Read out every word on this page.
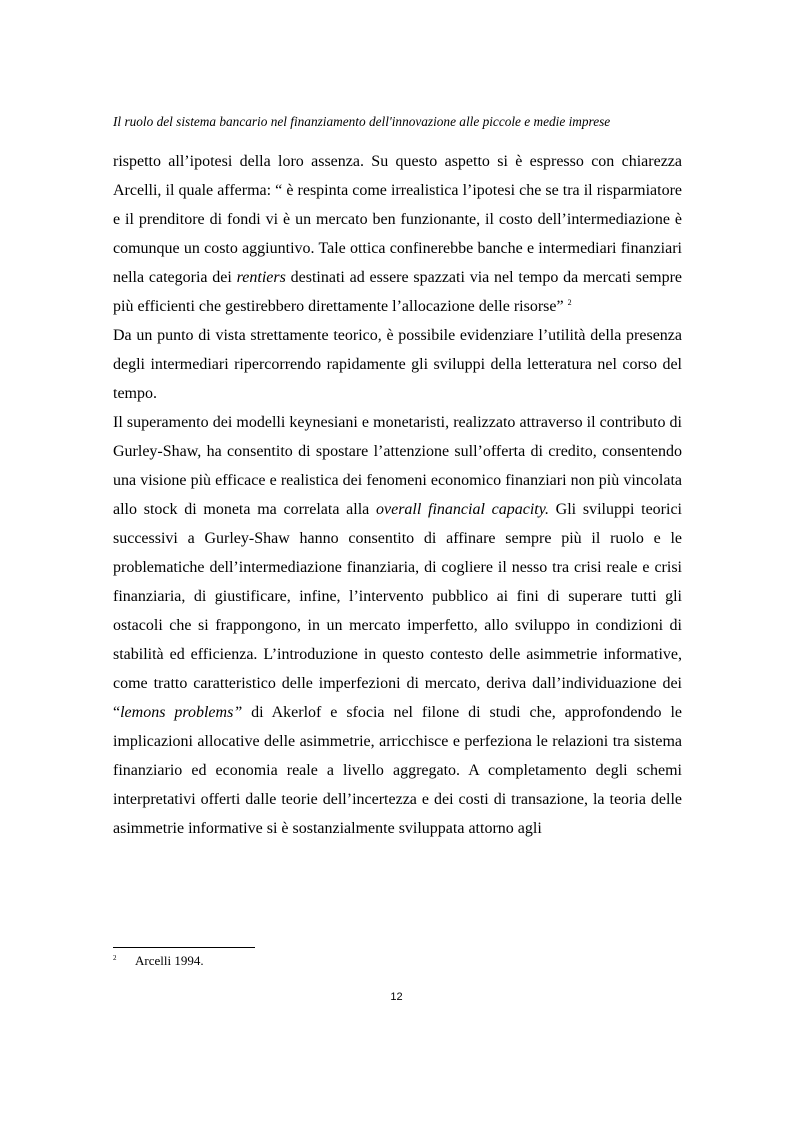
Il ruolo del sistema bancario nel finanziamento dell'innovazione alle piccole e medie imprese

rispetto all’ipotesi della loro assenza. Su questo aspetto si è espresso con chiarezza Arcelli, il quale afferma: “ è respinta come irrealistica l’ipotesi che se tra il risparmiatore e il prenditore di fondi vi è un mercato ben funzionante, il costo dell’intermediazione è comunque un costo aggiuntivo. Tale ottica confinerebbe banche e intermediari finanziari nella categoria dei rentiers destinati ad essere spazzati via nel tempo da mercati sempre più efficienti che gestirebbero direttamente l’allocazione delle risorse” $^2$

Da un punto di vista strettamente teorico, è possibile evidenziare l’utilità della presenza degli intermediari ripercorrendo rapidamente gli sviluppi della letteratura nel corso del tempo.

Il superamento dei modelli keynesiani e monetaristi, realizzato attraverso il contributo di Gurley-Shaw, ha consentito di spostare l’attenzione sull’offerta di credito, consentendo una visione più efficace e realistica dei fenomeni economico finanziari non più vincolata allo stock di moneta ma correlata alla overall financial capacity. Gli sviluppi teorici successivi a Gurley-Shaw hanno consentito di affinare sempre più il ruolo e le problematiche dell’intermediazione finanziaria, di cogliere il nesso tra crisi reale e crisi finanziaria, di giustificare, infine, l’intervento pubblico ai fini di superare tutti gli ostacoli che si frappongono, in un mercato imperfetto, allo sviluppo in condizioni di stabilità ed efficienza. L’introduzione in questo contesto delle asimmetrie informative, come tratto caratteristico delle imperfezioni di mercato, deriva dall’individuazione dei “lemons problems” di Akerlof e sfocia nel filone di studi che, approfondendo le implicazioni allocative delle asimmetrie, arricchisce e perfeziona le relazioni tra sistema finanziario ed economia reale a livello aggregato. A completamento degli schemi interpretativi offerti dalle teorie dell’incertezza e dei costi di transazione, la teoria delle asimmetrie informative si è sostanzialmente sviluppata attorno agli

2 Arcelli 1994.
12
